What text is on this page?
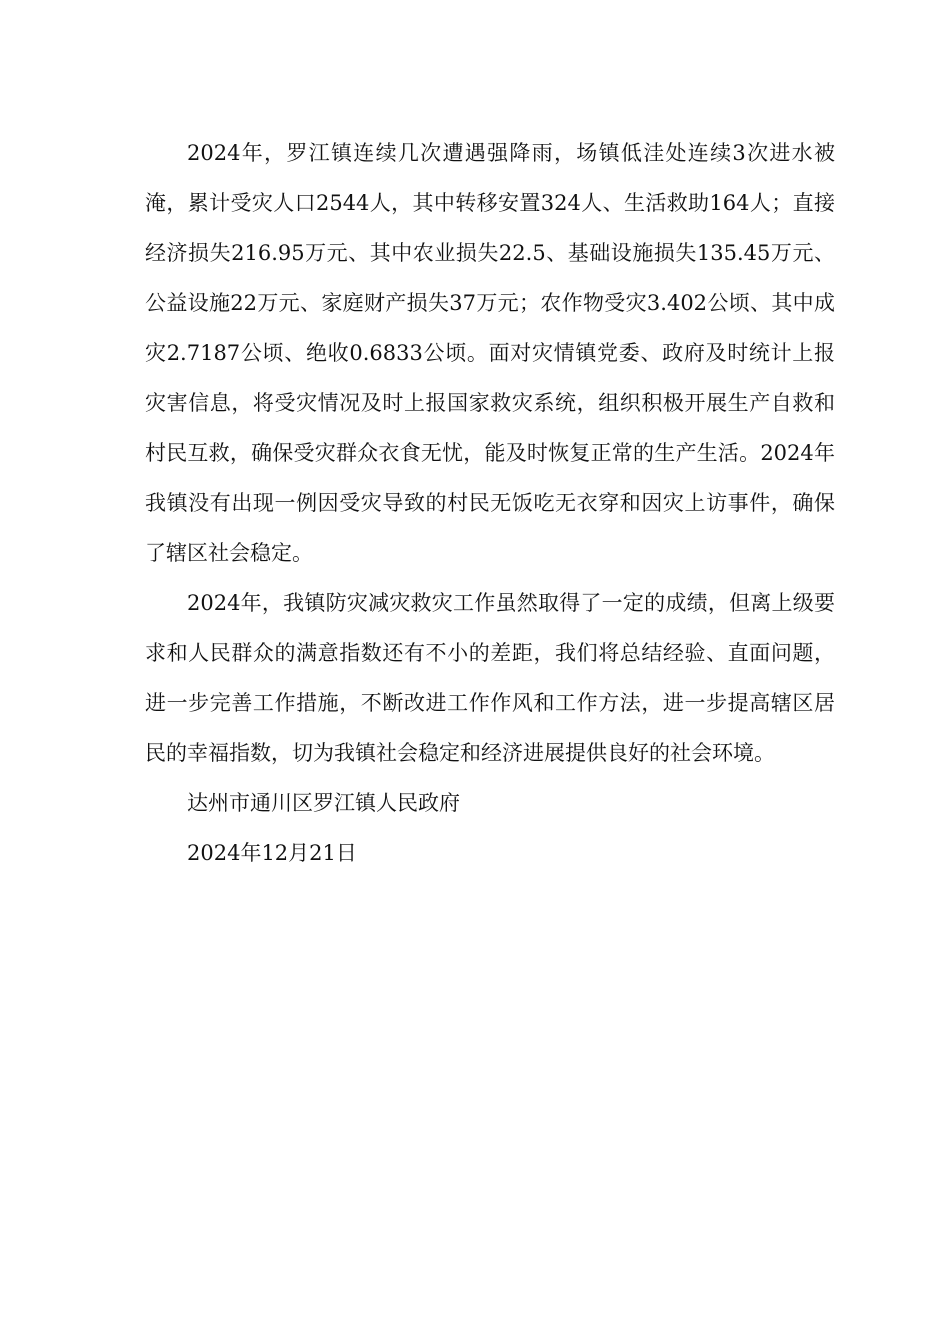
2024年，罗江镇连续几次遭遇强降雨，场镇低洼处连续3次进水被淹，累计受灾人口2544人，其中转移安置324人、生活救助164人；直接经济损失216.95万元、其中农业损失22.5、基础设施损失135.45万元、公益设施22万元、家庭财产损失37万元；农作物受灾3.402公顷、其中成灾2.7187公顷、绝收0.6833公顷。面对灾情镇党委、政府及时统计上报灾害信息，将受灾情况及时上报国家救灾系统，组织积极开展生产自救和村民互救，确保受灾群众衣食无忧，能及时恢复正常的生产生活。2024年我镇没有出现一例因受灾导致的村民无饭吃无衣穿和因灾上访事件，确保了辖区社会稳定。

2024年，我镇防灾减灾救灾工作虽然取得了一定的成绩，但离上级要求和人民群众的满意指数还有不小的差距，我们将总结经验、直面问题，进一步完善工作措施，不断改进工作作风和工作方法，进一步提高辖区居民的幸福指数，切为我镇社会稳定和经济进展提供良好的社会环境。

达州市通川区罗江镇人民政府

2024年12月21日
